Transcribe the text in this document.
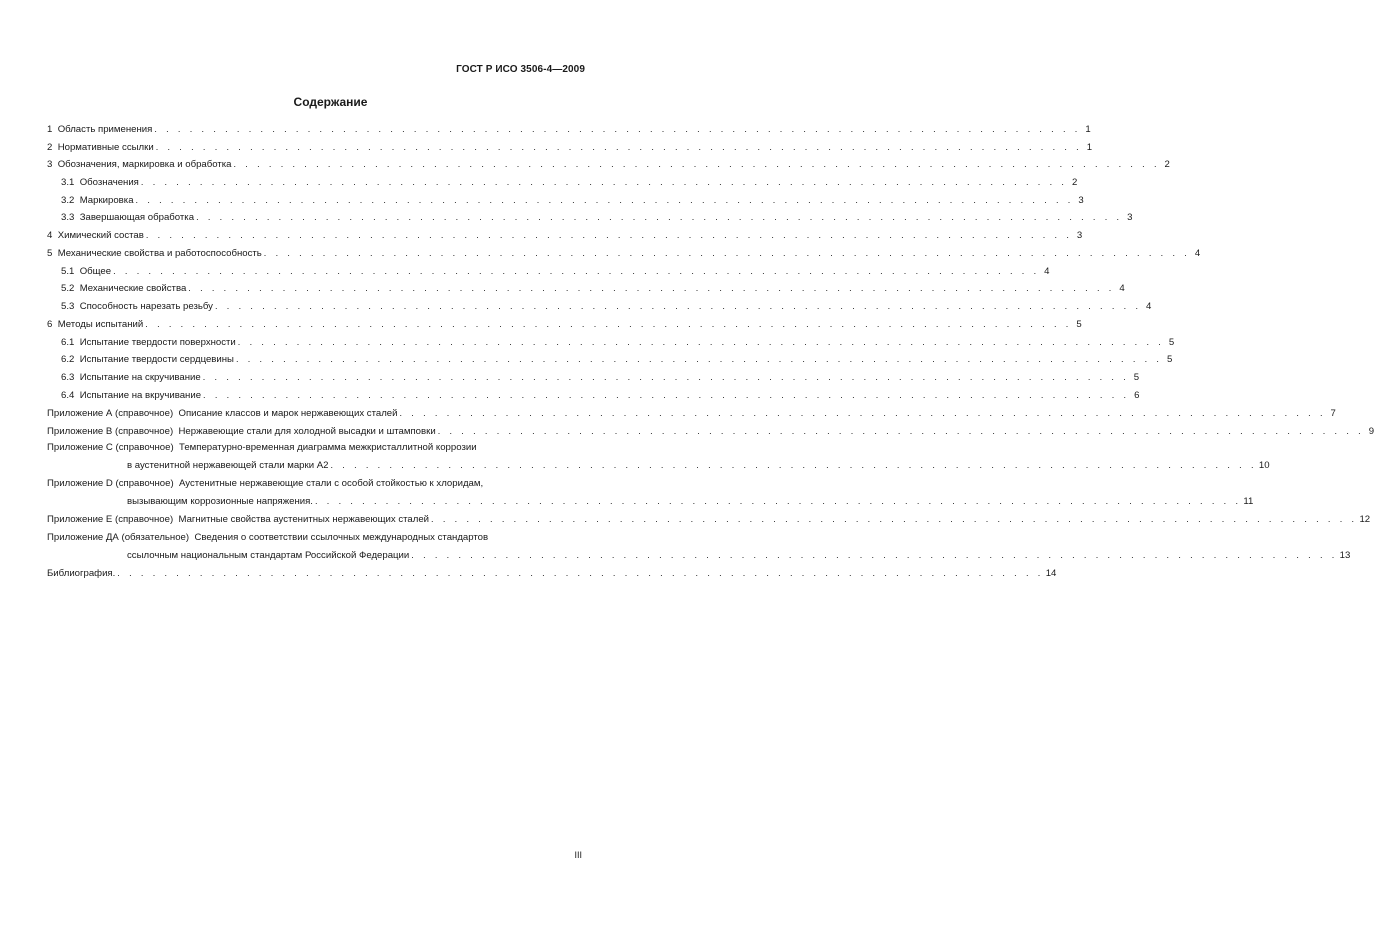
ГОСТ Р ИСО 3506-4—2009
Содержание
1 Область применения . . . . . . . . . . . . . . . . . . . . . . . . . . . . . . . . . . . . . . . . . . . . . . . . . . . . . . . . . . . . . . . . . . . . . . . . . . . . . . . 1
2 Нормативные ссылки . . . . . . . . . . . . . . . . . . . . . . . . . . . . . . . . . . . . . . . . . . . . . . . . . . . . . . . . . . . . . . . . . . . . . . . . . . . . . . . 1
3 Обозначения, маркировка и обработка . . . . . . . . . . . . . . . . . . . . . . . . . . . . . . . . . . . . . . . . . . . . . . . . . . . . . . . . . . . . . . . . . . . . . . . . . . . . . . . 2
3.1 Обозначения . . . . . . . . . . . . . . . . . . . . . . . . . . . . . . . . . . . . . . . . . . . . . . . . . . . . . . . . . . . . . . . . . . . . . . . . . . . . . . . 2
3.2 Маркировка . . . . . . . . . . . . . . . . . . . . . . . . . . . . . . . . . . . . . . . . . . . . . . . . . . . . . . . . . . . . . . . . . . . . . . . . . . . . . . . . 3
3.3 Завершающая обработка . . . . . . . . . . . . . . . . . . . . . . . . . . . . . . . . . . . . . . . . . . . . . . . . . . . . . . . . . . . . . . . . . . . . . . . . . . . . . . . 3
4 Химический состав . . . . . . . . . . . . . . . . . . . . . . . . . . . . . . . . . . . . . . . . . . . . . . . . . . . . . . . . . . . . . . . . . . . . . . . . . . . . . . . 3
5 Механические свойства и работоспособность . . . . . . . . . . . . . . . . . . . . . . . . . . . . . . . . . . . . . . . . . . . . . . . . . . . . . . . . . . . . . . . . . . . . . . . . . . . . . . . 4
5.1 Общее . . . . . . . . . . . . . . . . . . . . . . . . . . . . . . . . . . . . . . . . . . . . . . . . . . . . . . . . . . . . . . . . . . . . . . . . . . . . . . . 4
5.2 Механические свойства . . . . . . . . . . . . . . . . . . . . . . . . . . . . . . . . . . . . . . . . . . . . . . . . . . . . . . . . . . . . . . . . . . . . . . . . . . . . . . . 4
5.3 Способность нарезать резьбу . . . . . . . . . . . . . . . . . . . . . . . . . . . . . . . . . . . . . . . . . . . . . . . . . . . . . . . . . . . . . . . . . . . . . . . . . . . . . . . 4
6 Методы испытаний . . . . . . . . . . . . . . . . . . . . . . . . . . . . . . . . . . . . . . . . . . . . . . . . . . . . . . . . . . . . . . . . . . . . . . . . . . . . . . . 5
6.1 Испытание твердости поверхности . . . . . . . . . . . . . . . . . . . . . . . . . . . . . . . . . . . . . . . . . . . . . . . . . . . . . . . . . . . . . . . . . . . . . . . . . . . . . . . 5
6.2 Испытание твердости сердцевины . . . . . . . . . . . . . . . . . . . . . . . . . . . . . . . . . . . . . . . . . . . . . . . . . . . . . . . . . . . . . . . . . . . . . . . . . . . . . . . 5
6.3 Испытание на скручивание . . . . . . . . . . . . . . . . . . . . . . . . . . . . . . . . . . . . . . . . . . . . . . . . . . . . . . . . . . . . . . . . . . . . . . . . . . . . . . . 5
6.4 Испытание на вкручивание . . . . . . . . . . . . . . . . . . . . . . . . . . . . . . . . . . . . . . . . . . . . . . . . . . . . . . . . . . . . . . . . . . . . . . . . . . . . . . . 6
Приложение А (справочное) Описание классов и марок нержавеющих сталей . . . . . . . . . . . . . . . . . . . . . . . . . . . . . . . . . . . . . . . . . . . . . . . . . . . . . . . . . . . . . . . . . . . . . . . . . . . . . . . 7
Приложение В (справочное) Нержавеющие стали для холодной высадки и штамповки . . . . . . . . . . . . . . . . . . . . . . . . . . . . . . . . . . . . . . . . . . . . . . . . . . . . . . . . . . . . . . . . . . . . . . . . . . . . . . . 9
Приложение С (справочное) Температурно-временная диаграмма межкристаллитной коррозии
в аустенитной нержавеющей стали марки А2 . . . . . . . . . . . . . . . . . . . . . . . . . . . . . . . . . . . . . . . . . . . . . . . . . . . . . . . . . . . . . . . . . . . . . . . . . . . . . . . 10
Приложение D (справочное) Аустенитные нержавеющие стали с особой стойкостью к хлоридам,
вызывающим коррозионные напряжения. . . . . . . . . . . . . . . . . . . . . . . . . . . . . . . . . . . . . . . . . . . . . . . . . . . . . . . . . . . . . . . . . . . . . . . . . . . . . . . . 11
Приложение Е (справочное) Магнитные свойства аустенитных нержавеющих сталей . . . . . . . . . . . . . . . . . . . . . . . . . . . . . . . . . . . . . . . . . . . . . . . . . . . . . . . . . . . . . . . . . . . . . . . . . . . . . . . 12
Приложение ДА (обязательное) Сведения о соответствии ссылочных международных стандартов
ссылочным национальным стандартам Российской Федерации . . . . . . . . . . . . . . . . . . . . . . . . . . . . . . . . . . . . . . . . . . . . . . . . . . . . . . . . . . . . . . . . . . . . . . . . . . . . . . . 13
Библиография. . . . . . . . . . . . . . . . . . . . . . . . . . . . . . . . . . . . . . . . . . . . . . . . . . . . . . . . . . . . . . . . . . . . . . . . . . . . . . . . 14
III
